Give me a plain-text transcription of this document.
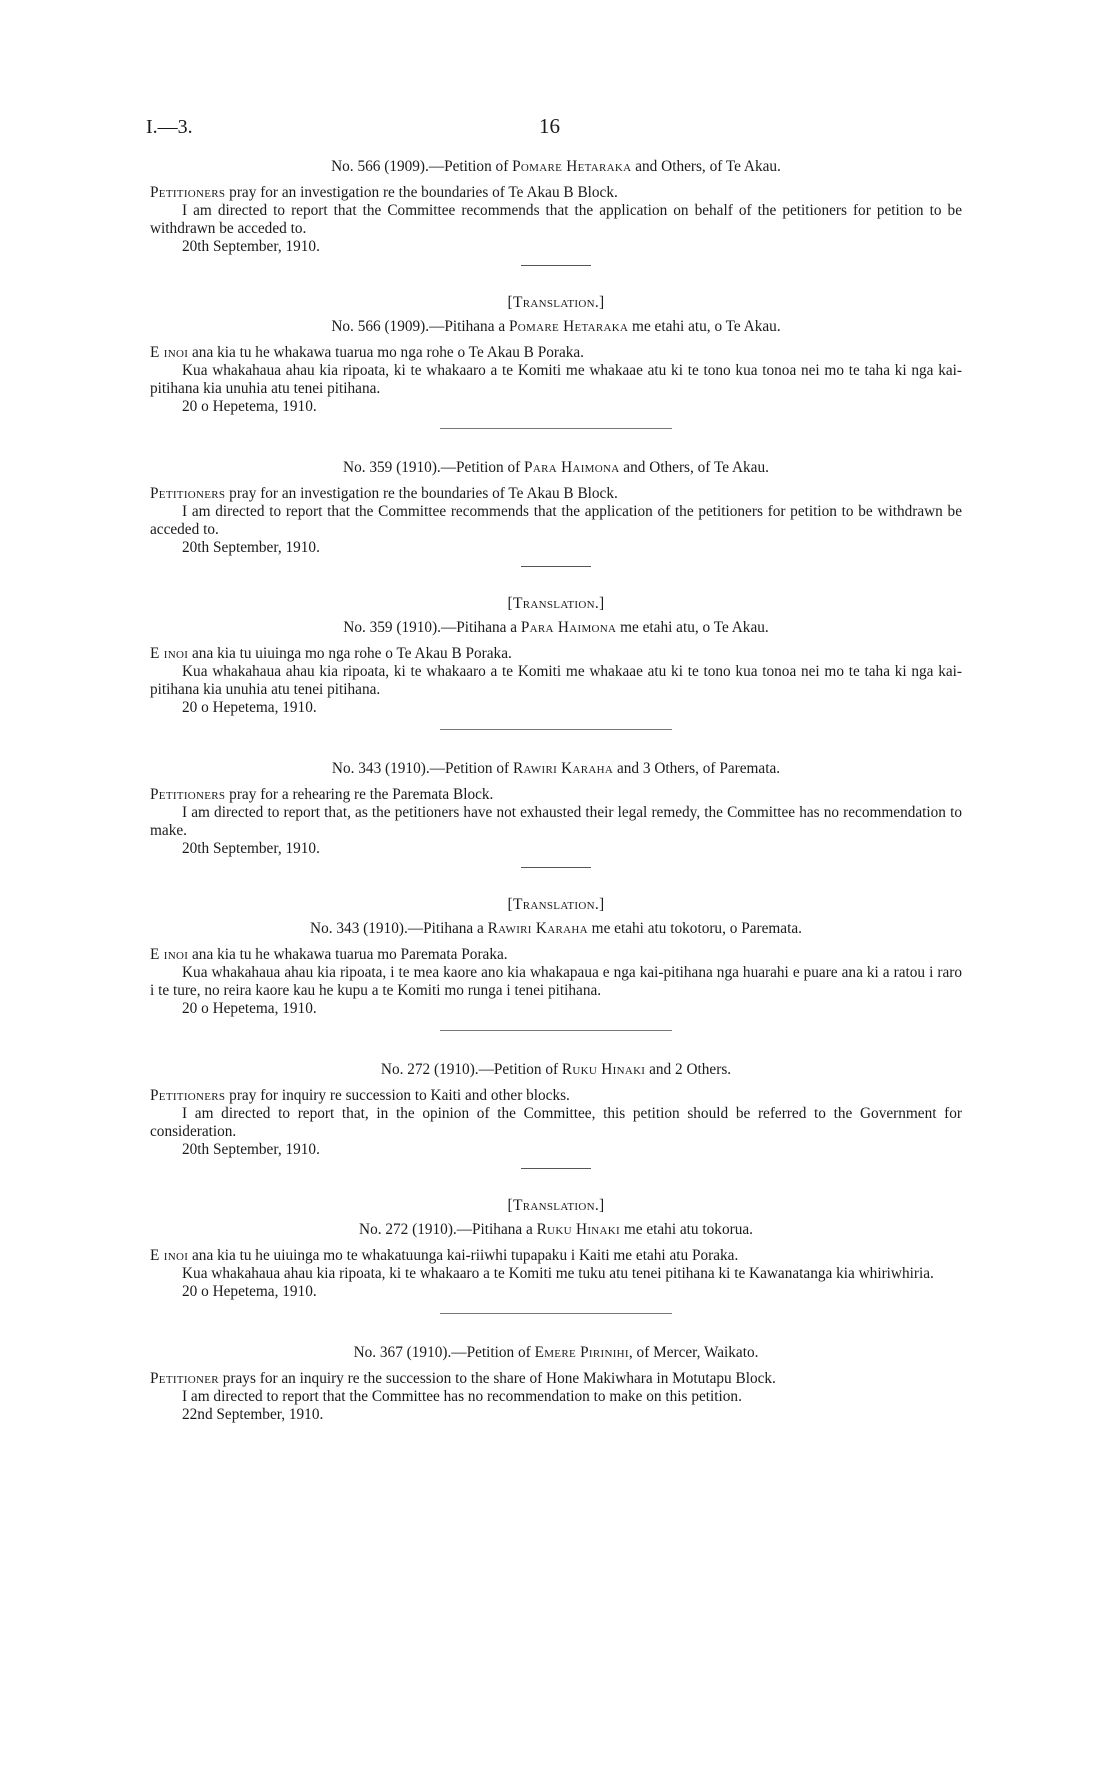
I.—3.	16

No. 566 (1909).—Petition of Pomare Hetaraka and Others, of Te Akau.

Petitioners pray for an investigation re the boundaries of Te Akau B Block.

I am directed to report that the Committee recommends that the application on behalf of the petitioners for petition to be withdrawn be acceded to.

20th September, 1910.

[Translation.]

No. 566 (1909).—Pitihana a Pomare Hetaraka me etahi atu, o Te Akau.

E inoi ana kia tu he whakawa tuarua mo nga rohe o Te Akau B Poraka.

Kua whakahaua ahau kia ripoata, ki te whakaaro a te Komiti me whakaae atu ki te tono kua tonoa nei mo te taha ki nga kai-pitihana kia unuhia atu tenei pitihana.

20 o Hepetema, 1910.

No. 359 (1910).—Petition of Para Haimona and Others, of Te Akau.

Petitioners pray for an investigation re the boundaries of Te Akau B Block.

I am directed to report that the Committee recommends that the application of the petitioners for petition to be withdrawn be acceded to.

20th September, 1910.

[Translation.]

No. 359 (1910).—Pitihana a Para Haimona me etahi atu, o Te Akau.

E inoi ana kia tu uiuinga mo nga rohe o Te Akau B Poraka.

Kua whakahaua ahau kia ripoata, ki te whakaaro a te Komiti me whakaae atu ki te tono kua tonoa nei mo te taha ki nga kai-pitihana kia unuhia atu tenei pitihana.

20 o Hepetema, 1910.

No. 343 (1910).—Petition of Rawiri Karaha and 3 Others, of Paremata.

Petitioners pray for a rehearing re the Paremata Block.

I am directed to report that, as the petitioners have not exhausted their legal remedy, the Committee has no recommendation to make.

20th September, 1910.

[Translation.]

No. 343 (1910).—Pitihana a Rawiri Karaha me etahi atu tokotoru, o Paremata.

E inoi ana kia tu he whakawa tuarua mo Paremata Poraka.

Kua whakahaua ahau kia ripoata, i te mea kaore ano kia whakapaua e nga kai-pitihana nga huarahi e puare ana ki a ratou i raro i te ture, no reira kaore kau he kupu a te Komiti mo runga i tenei pitihana.

20 o Hepetema, 1910.

No. 272 (1910).—Petition of Ruku Hinaki and 2 Others.

Petitioners pray for inquiry re succession to Kaiti and other blocks.

I am directed to report that, in the opinion of the Committee, this petition should be referred to the Government for consideration.

20th September, 1910.

[Translation.]

No. 272 (1910).—Pitihana a Ruku Hinaki me etahi atu tokorua.

E inoi ana kia tu he uiuinga mo te whakatuunga kai-riiwhi tupapaku i Kaiti me etahi atu Poraka.

Kua whakahaua ahau kia ripoata, ki te whakaaro a te Komiti me tuku atu tenei pitihana ki te Kawanatanga kia whiriwhiria.

20 o Hepetema, 1910.

No. 367 (1910).—Petition of Emere Pirinihi, of Mercer, Waikato.

Petitioner prays for an inquiry re the succession to the share of Hone Makiwhara in Motutapu Block.

I am directed to report that the Committee has no recommendation to make on this petition.

22nd September, 1910.
